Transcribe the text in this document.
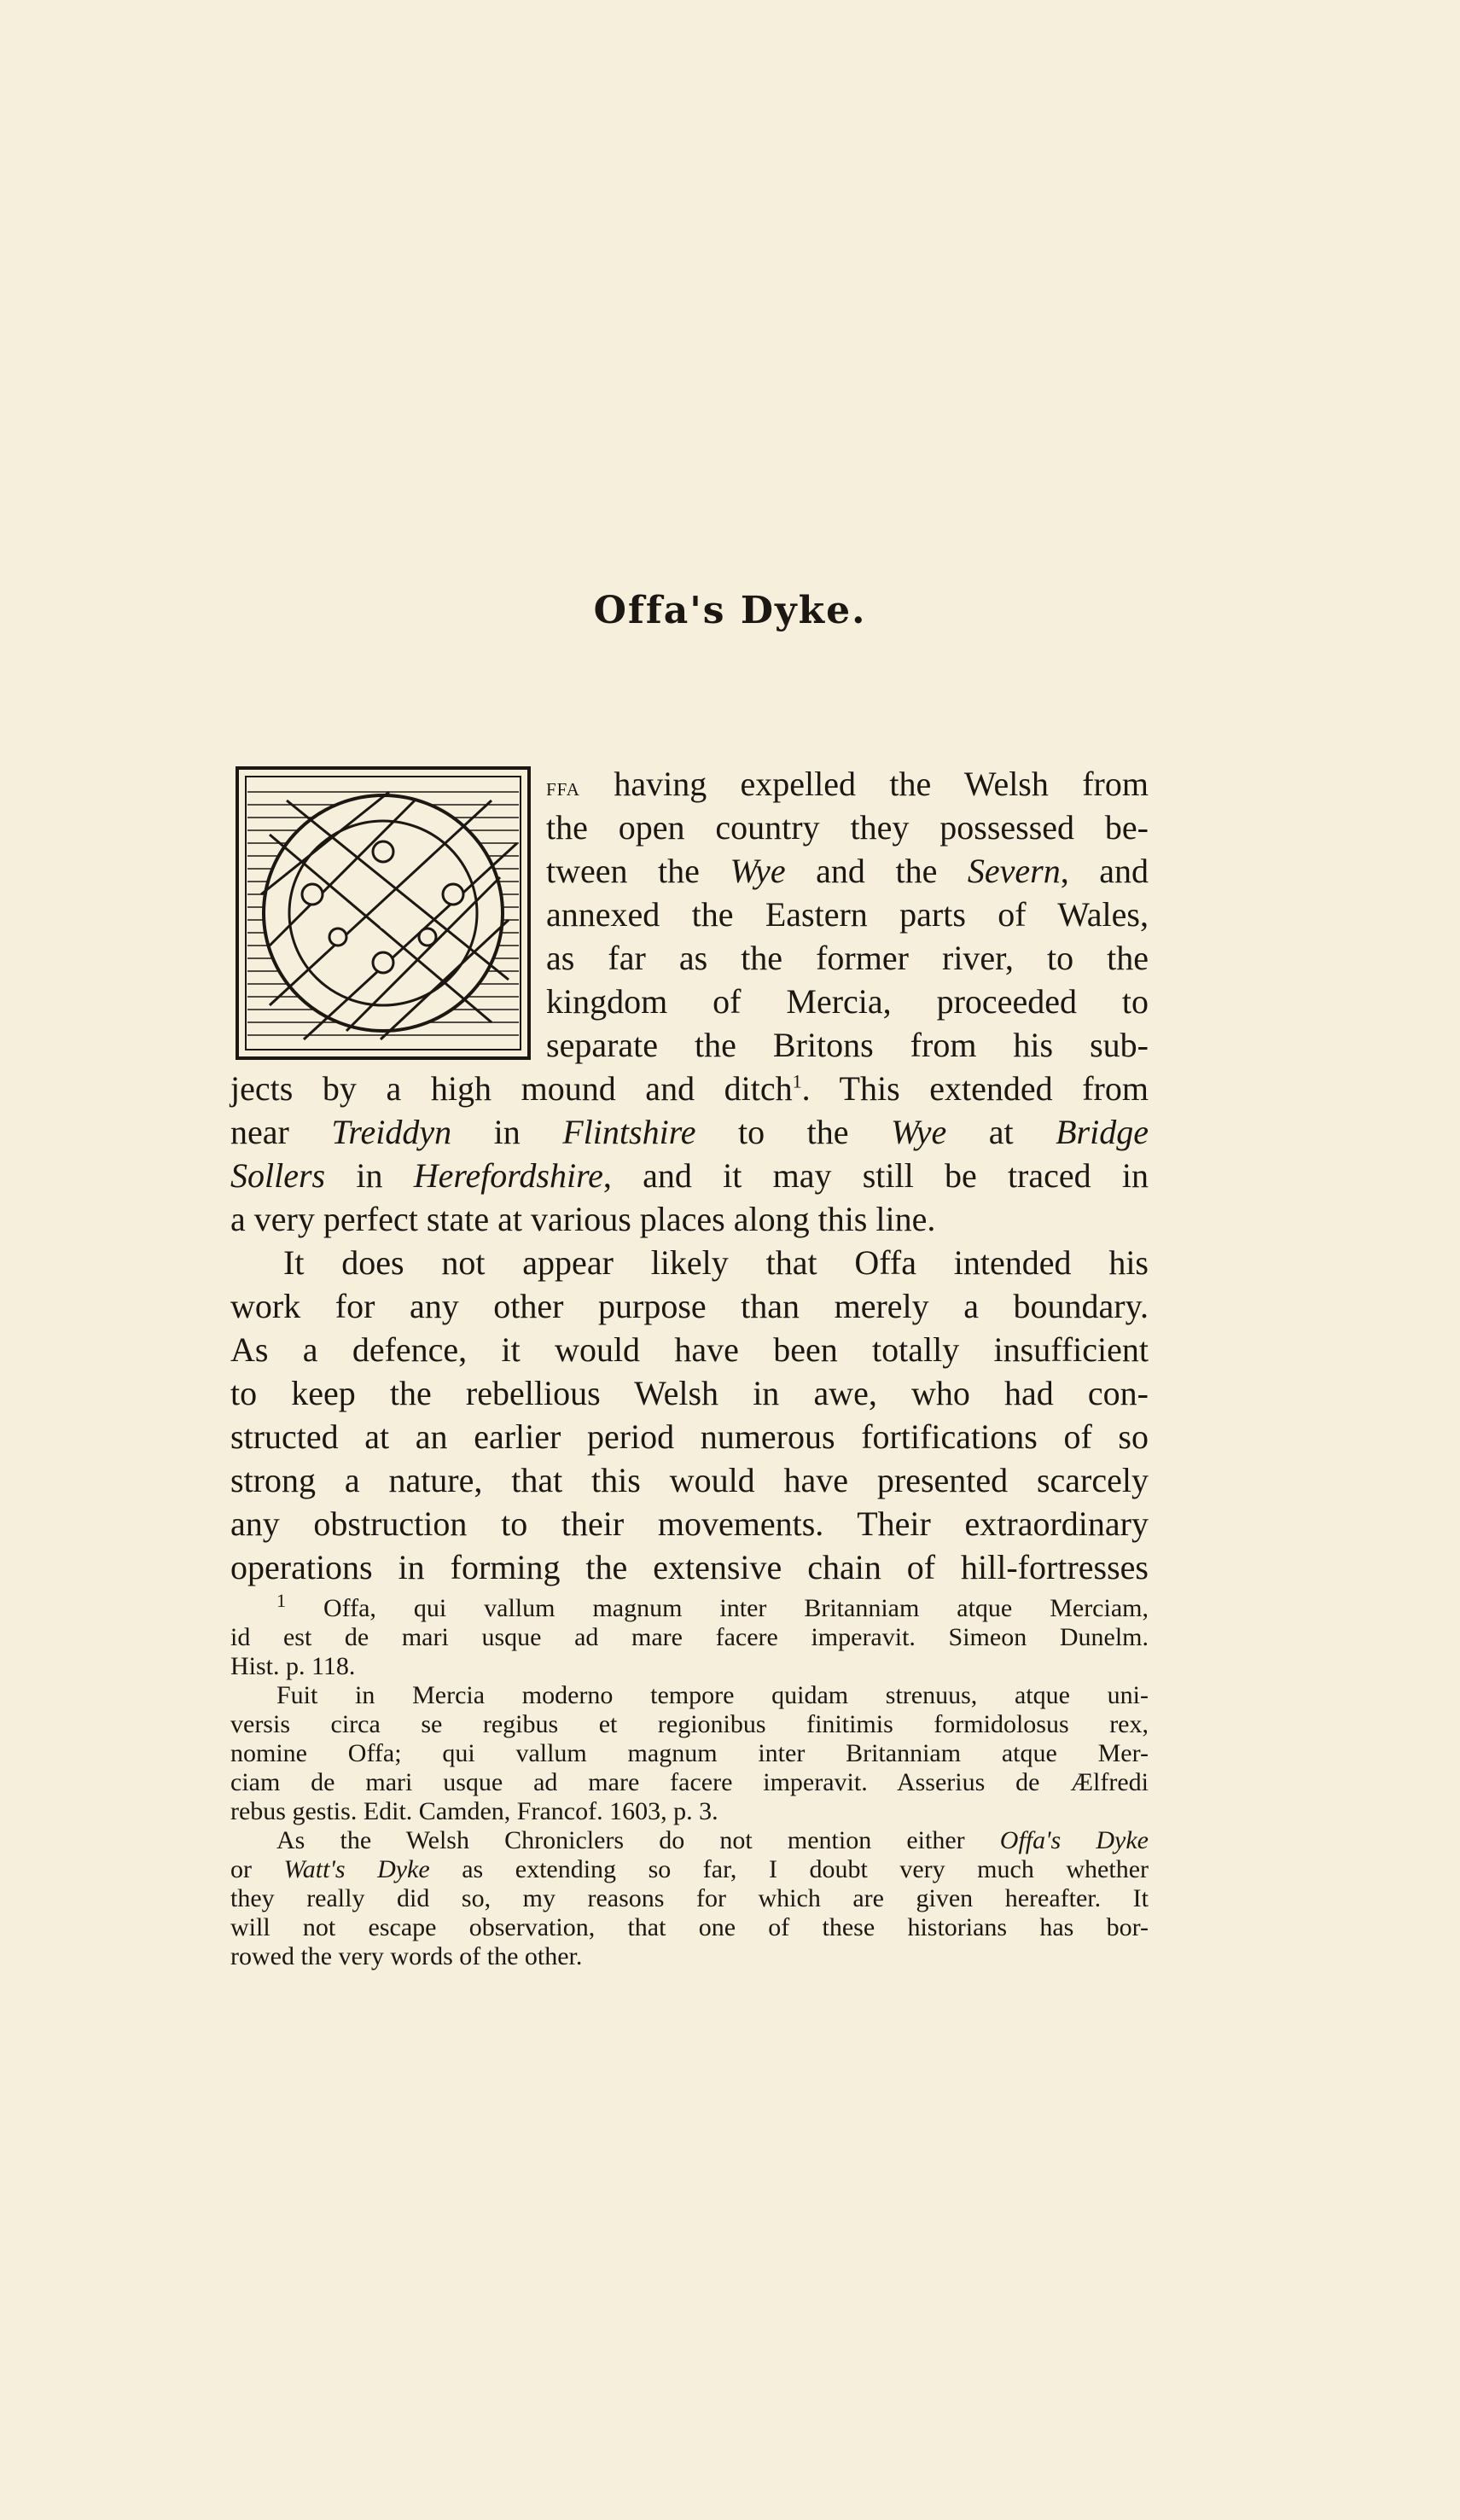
Offa's Dyke.
O
ffa having expelled the Welsh from
the open country they possessed be-
tween the Wye and the Severn, and
annexed the Eastern parts of Wales,
as far as the former river, to the
kingdom of Mercia, proceeded to
separate the Britons from his sub-
jects by a high mound and ditch$^1$. This extended from
near Treiddyn in Flintshire to the Wye at Bridge
Sollers in Herefordshire, and it may still be traced in
a very perfect state at various places along this line.
It does not appear likely that Offa intended his
work for any other purpose than merely a boundary.
As a defence, it would have been totally insufficient
to keep the rebellious Welsh in awe, who had con-
structed at an earlier period numerous fortifications of so
strong a nature, that this would have presented scarcely
any obstruction to their movements. Their extraordinary
operations in forming the extensive chain of hill-fortresses
$^1$ Offa, qui vallum magnum inter Britanniam atque Merciam,
id est de mari usque ad mare facere imperavit. Simeon Dunelm.
Hist. p. 118.
Fuit in Mercia moderno tempore quidam strenuus, atque uni-
versis circa se regibus et regionibus finitimis formidolosus rex,
nomine Offa; qui vallum magnum inter Britanniam atque Mer-
ciam de mari usque ad mare facere imperavit. Asserius de Ælfredi
rebus gestis. Edit. Camden, Francof. 1603, p. 3.
As the Welsh Chroniclers do not mention either Offa's Dyke
or Watt's Dyke as extending so far, I doubt very much whether
they really did so, my reasons for which are given hereafter. It
will not escape observation, that one of these historians has bor-
rowed the very words of the other.
